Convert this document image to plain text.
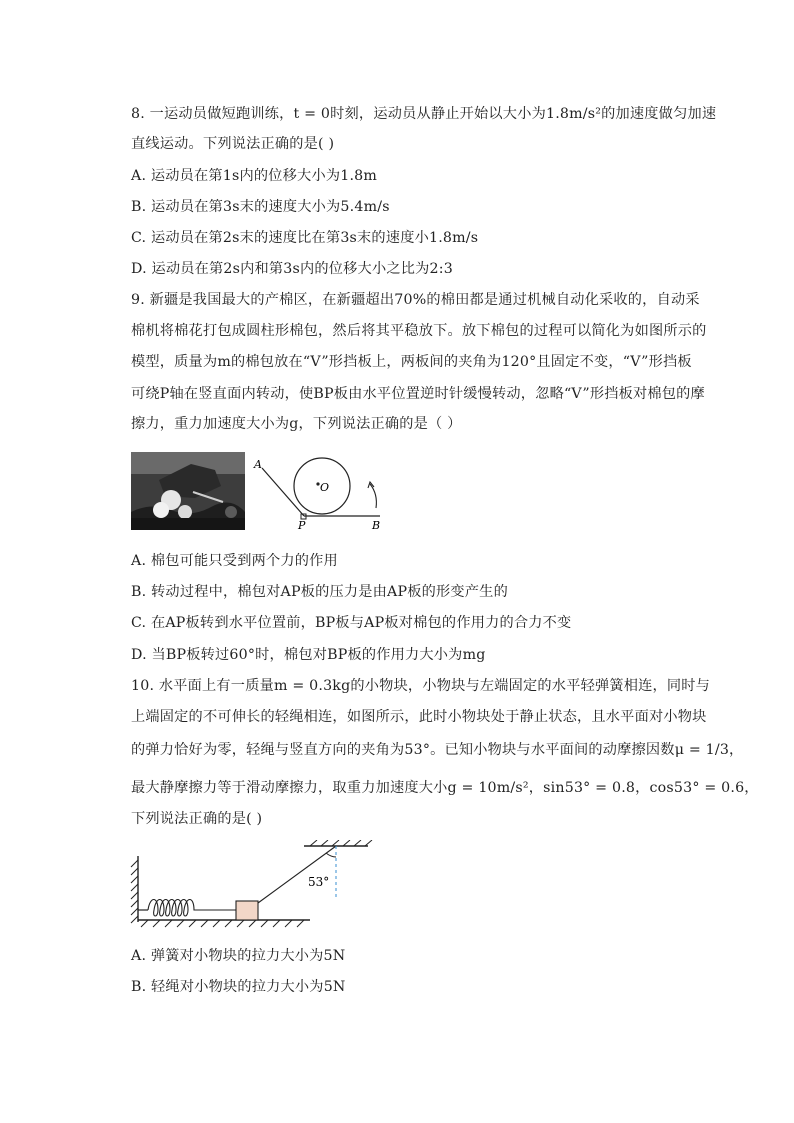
8. 一运动员做短跑训练，t = 0时刻，运动员从静止开始以大小为1.8m/s²的加速度做匀加速
直线运动。下列说法正确的是( )
A. 运动员在第1s内的位移大小为1.8m
B. 运动员在第3s末的速度大小为5.4m/s
C. 运动员在第2s末的速度比在第3s末的速度小1.8m/s
D. 运动员在第2s内和第3s内的位移大小之比为2:3
9. 新疆是我国最大的产棉区，在新疆超出70%的棉田都是通过机械自动化采收的，自动采
棉机将棉花打包成圆柱形棉包，然后将其平稳放下。放下棉包的过程可以简化为如图所示的
模型，质量为m的棉包放在“V”形挡板上，两板间的夹角为120°且固定不变，“V”形挡板
可绕P轴在竖直面内转动，使BP板由水平位置逆时针缓慢转动，忽略“V”形挡板对棉包的摩
擦力，重力加速度大小为g，下列说法正确的是（ ）
A
O
P	B
A. 棉包可能只受到两个力的作用
B. 转动过程中，棉包对AP板的压力是由AP板的形变产生的
C. 在AP板转到水平位置前，BP板与AP板对棉包的作用力的合力不变
D. 当BP板转过60°时，棉包对BP板的作用力大小为mg
10. 水平面上有一质量m = 0.3kg的小物块，小物块与左端固定的水平轻弹簧相连，同时与
上端固定的不可伸长的轻绳相连，如图所示，此时小物块处于静止状态，且水平面对小物块
的弹力恰好为零，轻绳与竖直方向的夹角为53°。已知小物块与水平面间的动摩擦因数μ = 1/3，
最大静摩擦力等于滑动摩擦力，取重力加速度大小g = 10m/s²，sin53° = 0.8，cos53° = 0.6，
下列说法正确的是( )
53°
A. 弹簧对小物块的拉力大小为5N
B. 轻绳对小物块的拉力大小为5N
